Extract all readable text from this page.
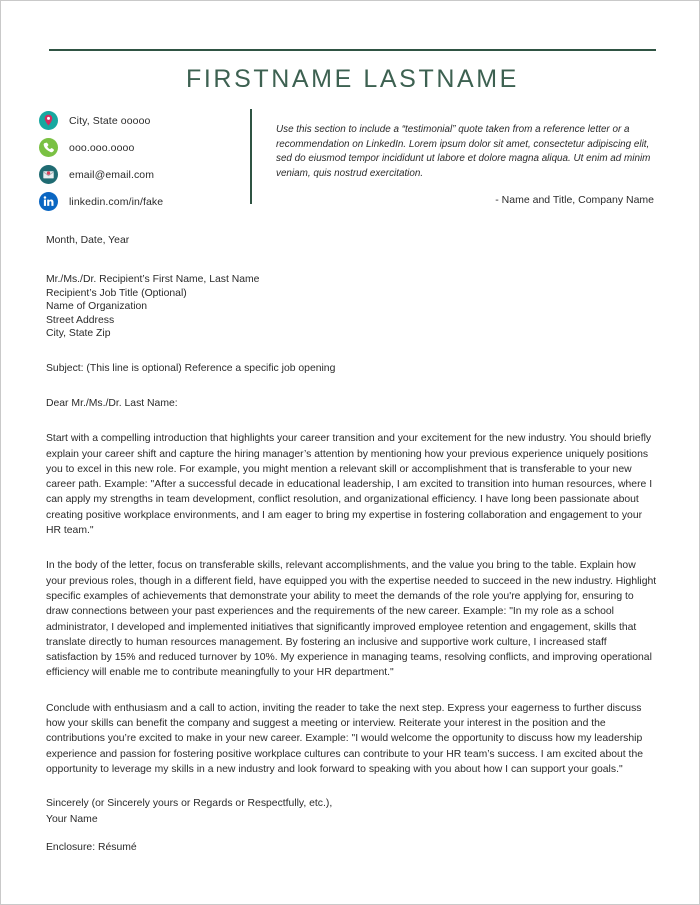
FIRSTNAME LASTNAME
City, State ooooo
ooo.ooo.oooo
email@email.com
linkedin.com/in/fake
Use this section to include a “testimonial” quote taken from a reference letter or a recommendation on LinkedIn. Lorem ipsum dolor sit amet, consectetur adipiscing elit, sed do eiusmod tempor incididunt ut labore et dolore magna aliqua. Ut enim ad minim veniam, quis nostrud exercitation.
- Name and Title, Company Name
Month, Date, Year
Mr./Ms./Dr. Recipient’s First Name, Last Name
Recipient’s Job Title (Optional)
Name of Organization
Street Address
City, State Zip
Subject: (This line is optional) Reference a specific job opening
Dear Mr./Ms./Dr. Last Name:
Start with a compelling introduction that highlights your career transition and your excitement for the new industry. You should briefly explain your career shift and capture the hiring manager’s attention by mentioning how your previous experience uniquely positions you to excel in this new role. For example, you might mention a relevant skill or accomplishment that is transferable to your new career path. Example: "After a successful decade in educational leadership, I am excited to transition into human resources, where I can apply my strengths in team development, conflict resolution, and organizational efficiency. I have long been passionate about creating positive workplace environments, and I am eager to bring my expertise in fostering collaboration and engagement to your HR team."
In the body of the letter, focus on transferable skills, relevant accomplishments, and the value you bring to the table. Explain how your previous roles, though in a different field, have equipped you with the expertise needed to succeed in the new industry. Highlight specific examples of achievements that demonstrate your ability to meet the demands of the role you're applying for, ensuring to draw connections between your past experiences and the requirements of the new career. Example: "In my role as a school administrator, I developed and implemented initiatives that significantly improved employee retention and engagement, skills that translate directly to human resources management. By fostering an inclusive and supportive work culture, I increased staff satisfaction by 15% and reduced turnover by 10%. My experience in managing teams, resolving conflicts, and improving operational efficiency will enable me to contribute meaningfully to your HR department."
Conclude with enthusiasm and a call to action, inviting the reader to take the next step. Express your eagerness to further discuss how your skills can benefit the company and suggest a meeting or interview. Reiterate your interest in the position and the contributions you’re excited to make in your new career. Example: "I would welcome the opportunity to discuss how my leadership experience and passion for fostering positive workplace cultures can contribute to your HR team’s success. I am excited about the opportunity to leverage my skills in a new industry and look forward to speaking with you about how I can support your goals."
Sincerely (or Sincerely yours or Regards or Respectfully, etc.),
Your Name
Enclosure: Résumé
